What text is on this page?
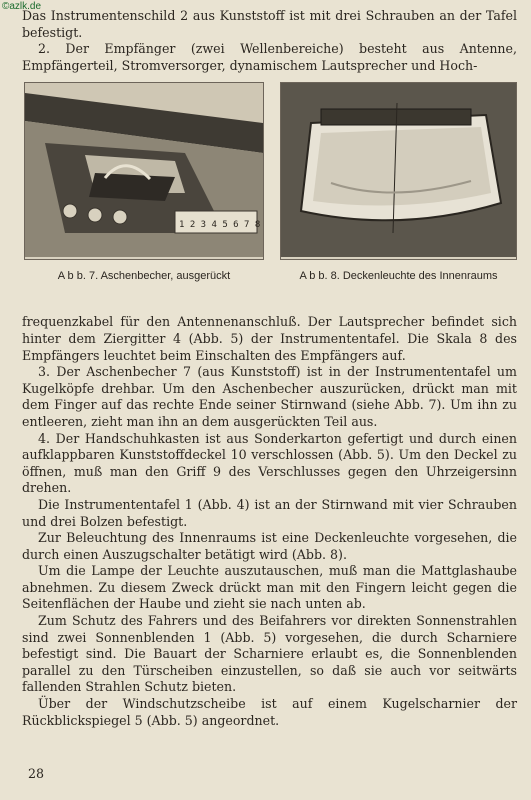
©azlk.de

Das Instrumentenschild 2 aus Kunststoff ist mit drei Schrauben an der Tafel befestigt.

2. Der Empfänger (zwei Wellenbereiche) besteht aus Antenne, Empfängerteil, Stromversorger, dynamischem Lautsprecher und Hoch-

1 2 3 4 5 6 7 8
A b b. 7. Aschenbecher, ausgerückt	A b b. 8. Deckenleuchte des Innenraums

frequenzkabel für den Antennenanschluß. Der Lautsprecher befindet sich hinter dem Ziergitter 4 (Abb. 5) der Instrumententafel. Die Skala 8 des Empfängers leuchtet beim Einschalten des Empfängers auf.

3. Der Aschenbecher 7 (aus Kunststoff) ist in der Instrumententafel um Kugelköpfe drehbar. Um den Aschenbecher auszurücken, drückt man mit dem Finger auf das rechte Ende seiner Stirnwand (siehe Abb. 7). Um ihn zu entleeren, zieht man ihn an dem ausgerückten Teil aus.

4. Der Handschuhkasten ist aus Sonderkarton gefertigt und durch einen aufklappbaren Kunststoffdeckel 10 verschlossen (Abb. 5). Um den Deckel zu öffnen, muß man den Griff 9 des Verschlusses gegen den Uhrzeigersinn drehen.

Die Instrumententafel 1 (Abb. 4) ist an der Stirnwand mit vier Schrauben und drei Bolzen befestigt.

Zur Beleuchtung des Innenraums ist eine Deckenleuchte vorgesehen, die durch einen Auszugschalter betätigt wird (Abb. 8).

Um die Lampe der Leuchte auszutauschen, muß man die Mattglashaube abnehmen. Zu diesem Zweck drückt man mit den Fingern leicht gegen die Seitenflächen der Haube und zieht sie nach unten ab.

Zum Schutz des Fahrers und des Beifahrers vor direkten Sonnenstrahlen sind zwei Sonnenblenden 1 (Abb. 5) vorgesehen, die durch Scharniere befestigt sind. Die Bauart der Scharniere erlaubt es, die Sonnenblenden parallel zu den Türscheiben einzustellen, so daß sie auch vor seitwärts fallenden Strahlen Schutz bieten.

Über der Windschutzscheibe ist auf einem Kugelscharnier der Rückblickspiegel 5 (Abb. 5) angeordnet.

28
